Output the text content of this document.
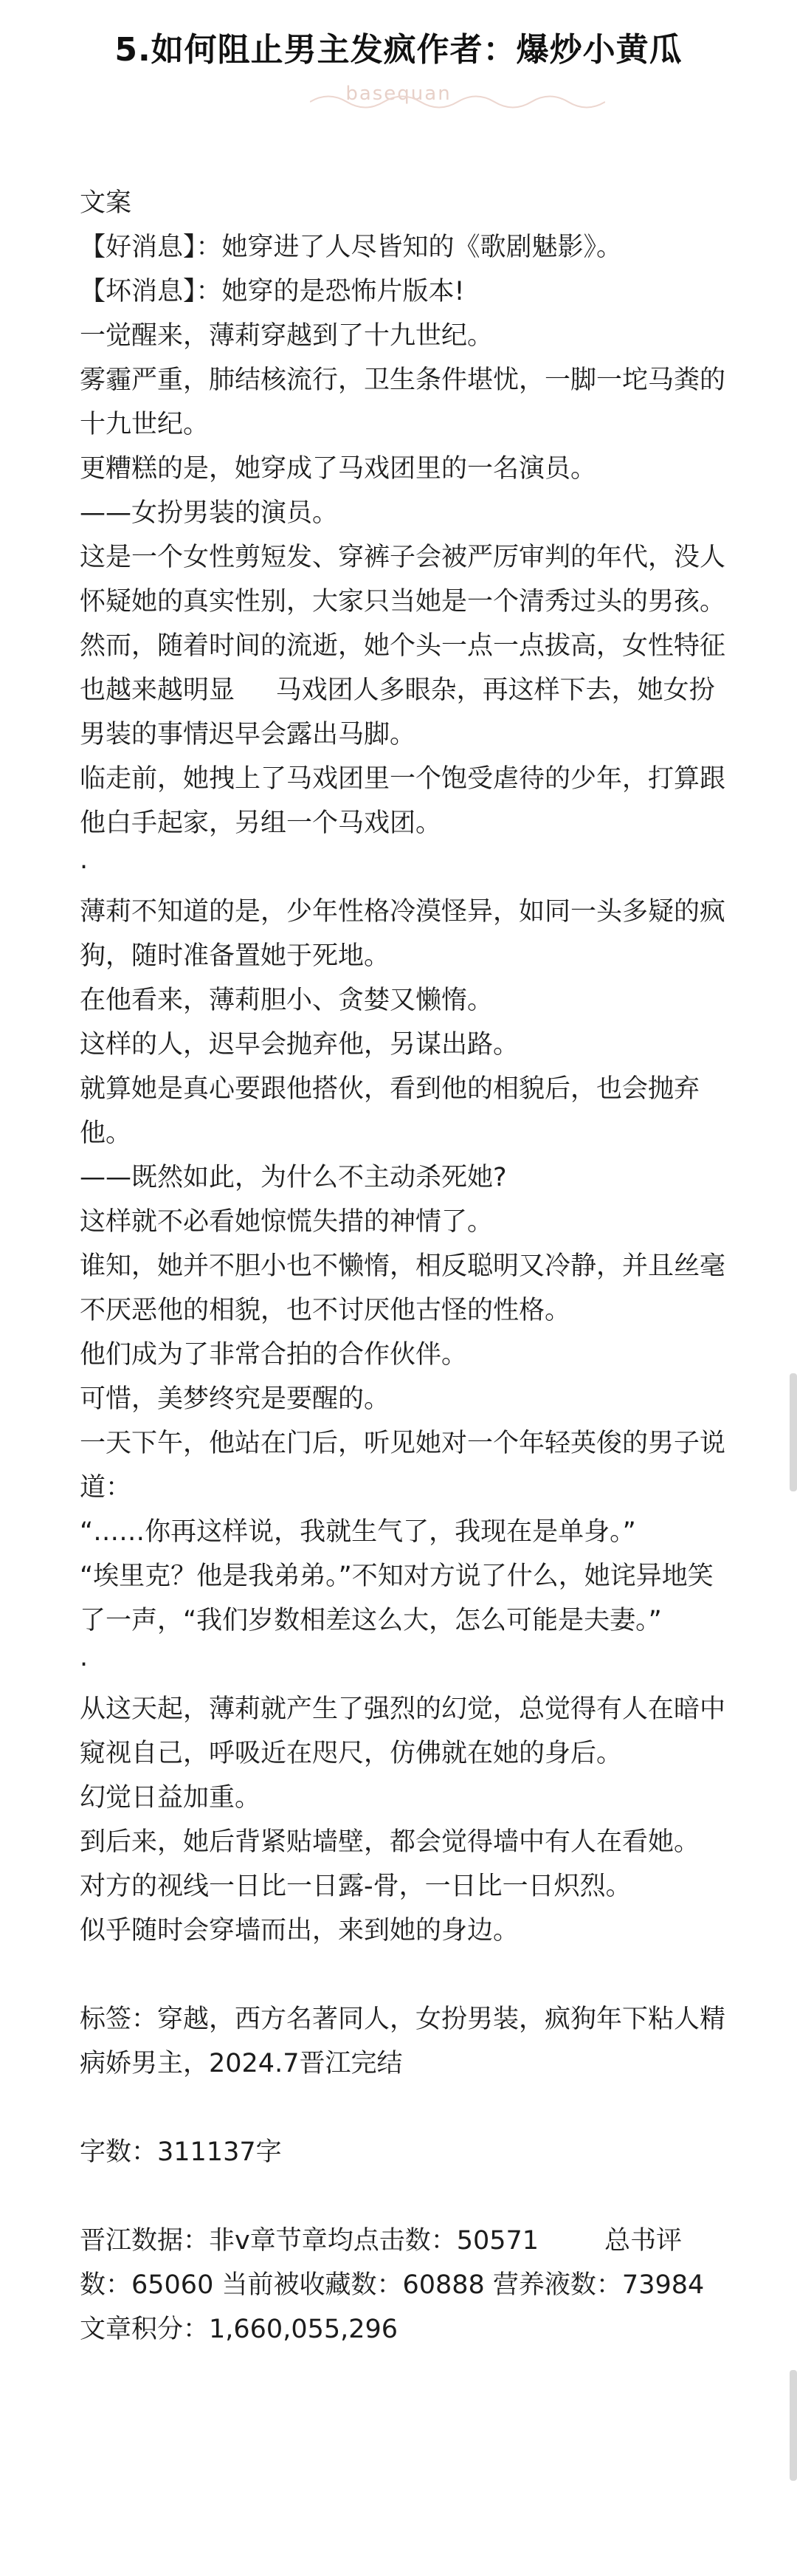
5.如何阻止男主发疯作者：爆炒小黄瓜
basequan

文案

【好消息】：她穿进了人尽皆知的《歌剧魅影》。

【坏消息】：她穿的是恐怖片版本!

一觉醒来，薄莉穿越到了十九世纪。

雾霾严重，肺结核流行，卫生条件堪忧，一脚一坨马粪的十九世纪。

更糟糕的是，她穿成了马戏团里的一名演员。

——女扮男装的演员。

这是一个女性剪短发、穿裤子会被严厉审判的年代，没人怀疑她的真实性别，大家只当她是一个清秀过头的男孩。

然而，随着时间的流逝，她个头一点一点拔高，女性特征也越来越明显     马戏团人多眼杂，再这样下去，她女扮男装的事情迟早会露出马脚。

临走前，她拽上了马戏团里一个饱受虐待的少年，打算跟他白手起家，另组一个马戏团。

·

薄莉不知道的是，少年性格冷漠怪异，如同一头多疑的疯狗，随时准备置她于死地。

在他看来，薄莉胆小、贪婪又懒惰。

这样的人，迟早会抛弃他，另谋出路。

就算她是真心要跟他搭伙，看到他的相貌后，也会抛弃他。

——既然如此，为什么不主动杀死她?

这样就不必看她惊慌失措的神情了。

谁知，她并不胆小也不懒惰，相反聪明又冷静，并且丝毫不厌恶他的相貌，也不讨厌他古怪的性格。

他们成为了非常合拍的合作伙伴。

可惜，美梦终究是要醒的。

一天下午，他站在门后，听见她对一个年轻英俊的男子说道：

“……你再这样说，我就生气了，我现在是单身。”

“埃里克？他是我弟弟。”不知对方说了什么，她诧异地笑了一声，“我们岁数相差这么大，怎么可能是夫妻。”

·

从这天起，薄莉就产生了强烈的幻觉，总觉得有人在暗中窥视自己，呼吸近在咫尺，仿佛就在她的身后。

幻觉日益加重。

到后来，她后背紧贴墙壁，都会觉得墙中有人在看她。

对方的视线一日比一日露-骨，一日比一日炽烈。

似乎随时会穿墙而出，来到她的身边。

标签：穿越，西方名著同人，女扮男装，疯狗年下粘人精病娇男主，2024.7晋江完结

字数：311137字

晋江数据：非v章节章均点击数：50571        总书评数：65060 当前被收藏数：60888 营养液数：73984 文章积分：1,660,055,296
